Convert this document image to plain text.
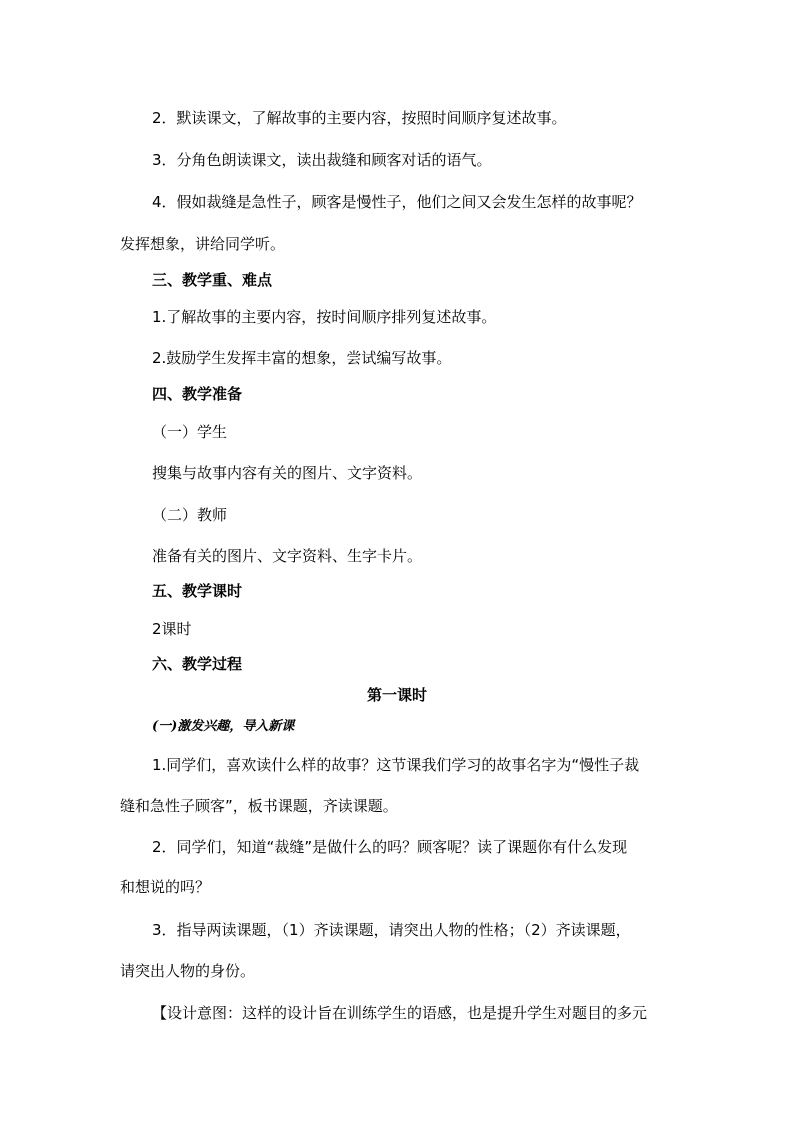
2．默读课文，了解故事的主要内容，按照时间顺序复述故事。
3．分角色朗读课文，读出裁缝和顾客对话的语气。
4．假如裁缝是急性子，顾客是慢性子，他们之间又会发生怎样的故事呢？
发挥想象，讲给同学听。
三、教学重、难点
1.了解故事的主要内容，按时间顺序排列复述故事。
2.鼓励学生发挥丰富的想象，尝试编写故事。
四、教学准备
（一）学生
搜集与故事内容有关的图片、文字资料。
（二）教师
准备有关的图片、文字资料、生字卡片。
五、教学课时
2课时
六、教学过程
第一课时
(一)激发兴趣，导入新课
1.同学们，喜欢读什么样的故事？这节课我们学习的故事名字为“慢性子裁
缝和急性子顾客”，板书课题，齐读课题。
2．同学们，知道“裁缝”是做什么的吗？顾客呢？读了课题你有什么发现
和想说的吗？
3．指导两读课题，（1）齐读课题，请突出人物的性格；（2）齐读课题，
请突出人物的身份。
【设计意图：这样的设计旨在训练学生的语感，也是提升学生对题目的多元
